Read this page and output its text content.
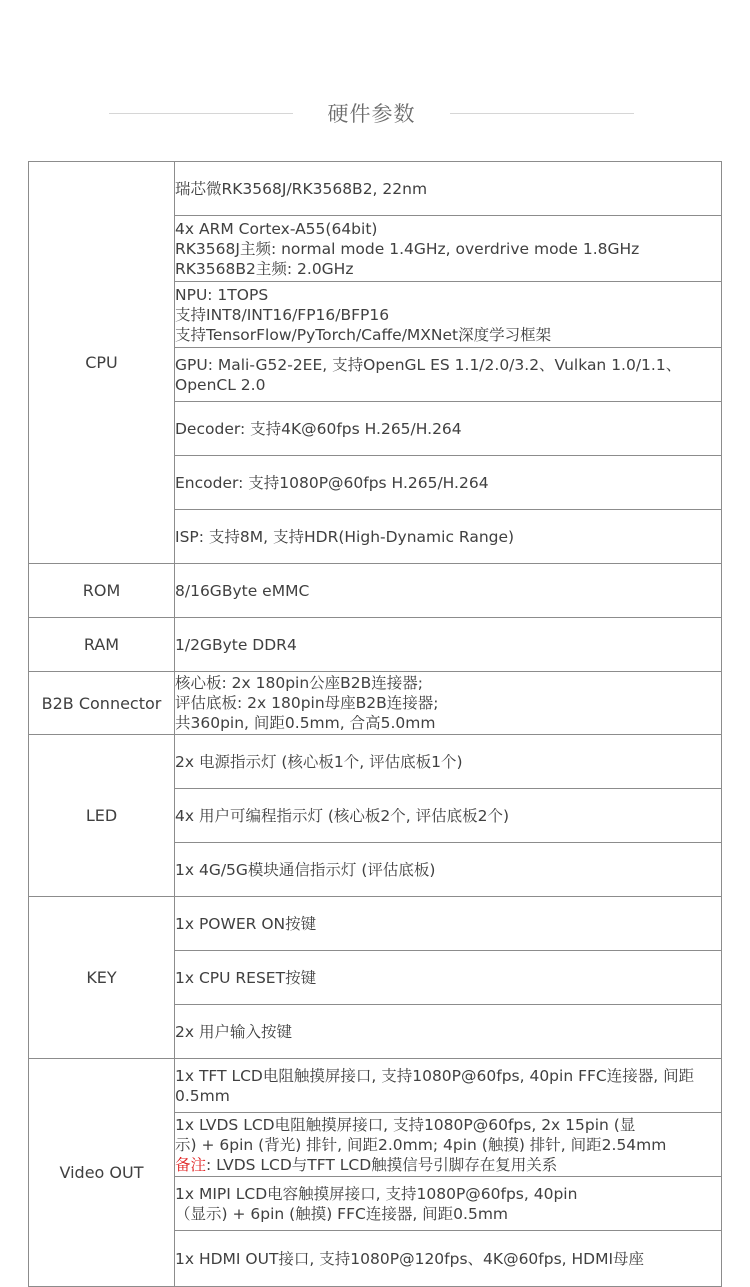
硬件参数
CPU	瑞芯微RK3568J/RK3568B2, 22nm

	4x ARM Cortex-A55(64bit)
RK3568J主频: normal mode 1.4GHz, overdrive mode 1.8GHz
RK3568B2主频: 2.0GHz

	NPU: 1TOPS
支持INT8/INT16/FP16/BFP16
支持TensorFlow/PyTorch/Caffe/MXNet深度学习框架

	GPU: Mali-G52-2EE, 支持OpenGL ES 1.1/2.0/3.2、Vulkan 1.0/1.1、OpenCL 2.0

	Decoder: 支持4K@60fps H.265/H.264

	Encoder: 支持1080P@60fps H.265/H.264

	ISP: 支持8M, 支持HDR(High-Dynamic Range)

ROM	8/16GByte eMMC

RAM	1/2GByte DDR4

B2B Connector	核心板: 2x 180pin公座B2B连接器;
评估底板: 2x 180pin母座B2B连接器;
共360pin, 间距0.5mm, 合高5.0mm

LED	2x 电源指示灯 (核心板1个, 评估底板1个)

	4x 用户可编程指示灯 (核心板2个, 评估底板2个)

	1x 4G/5G模块通信指示灯 (评估底板)

KEY	1x POWER ON按键

	1x CPU RESET按键

	2x 用户输入按键

Video OUT	1x TFT LCD电阻触摸屏接口, 支持1080P@60fps, 40pin FFC连接器, 间距0.5mm

	1x LVDS LCD电阻触摸屏接口, 支持1080P@60fps, 2x 15pin (显
示) + 6pin (背光) 排针, 间距2.0mm; 4pin (触摸) 排针, 间距2.54mm
备注: LVDS LCD与TFT LCD触摸信号引脚存在复用关系

	1x MIPI LCD电容触摸屏接口, 支持1080P@60fps, 40pin
（显示) + 6pin (触摸) FFC连接器, 间距0.5mm

	1x HDMI OUT接口, 支持1080P@120fps、4K@60fps, HDMI母座
